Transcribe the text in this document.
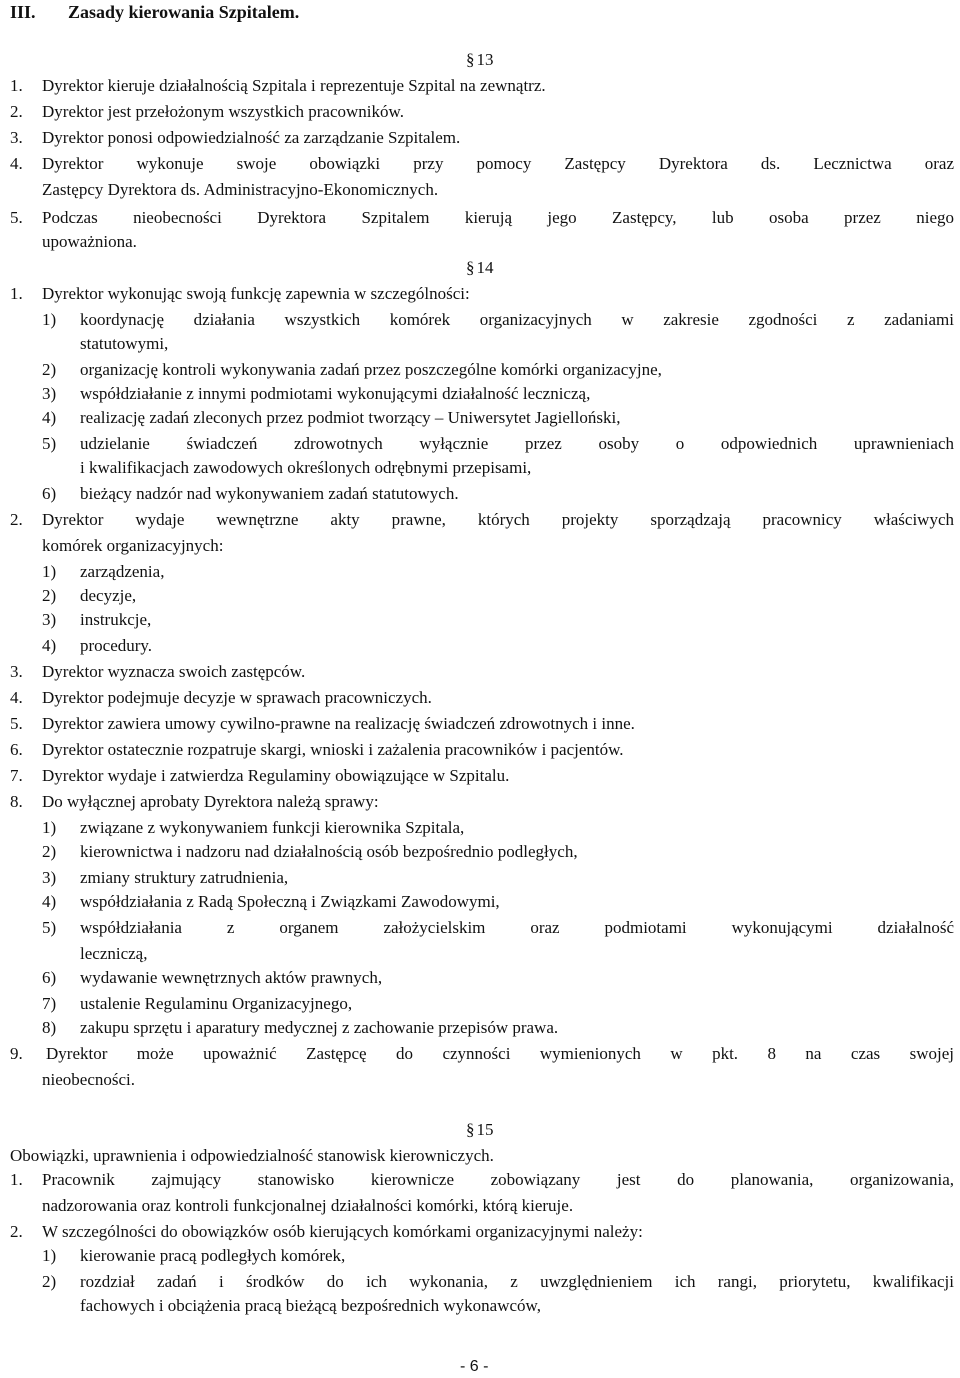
III. Zasady kierowania Szpitalem.
§ 13
1. Dyrektor kieruje działalnością Szpitala i reprezentuje Szpital na zewnątrz.
2. Dyrektor jest przełożonym wszystkich pracowników.
3. Dyrektor ponosi odpowiedzialność za zarządzanie Szpitalem.
4. Dyrektor wykonuje swoje obowiązki przy pomocy Zastępcy Dyrektora ds. Lecznictwa oraz
Zastępcy Dyrektora ds. Administracyjno-Ekonomicznych.
5. Podczas nieobecności Dyrektora Szpitalem kierują jego Zastępcy, lub osoba przez niego
upoważniona.
§ 14
1. Dyrektor wykonując swoją funkcję zapewnia w szczególności:
1) koordynację działania wszystkich komórek organizacyjnych w zakresie zgodności z zadaniami
statutowymi,
2) organizację kontroli wykonywania zadań przez poszczególne komórki organizacyjne,
3) współdziałanie z innymi podmiotami wykonującymi działalność leczniczą,
4) realizację zadań zleconych przez podmiot tworzący – Uniwersytet Jagielloński,
5) udzielanie świadczeń zdrowotnych wyłącznie przez osoby o odpowiednich uprawnieniach
i kwalifikacjach zawodowych określonych odrębnymi przepisami,
6) bieżący nadzór nad wykonywaniem zadań statutowych.
2. Dyrektor wydaje wewnętrzne akty prawne, których projekty sporządzają pracownicy właściwych
komórek organizacyjnych:
1) zarządzenia,
2) decyzje,
3) instrukcje,
4) procedury.
3. Dyrektor wyznacza swoich zastępców.
4. Dyrektor podejmuje decyzje w sprawach pracowniczych.
5. Dyrektor zawiera umowy cywilno-prawne na realizację świadczeń zdrowotnych i inne.
6. Dyrektor ostatecznie rozpatruje skargi, wnioski i zażalenia pracowników i pacjentów.
7. Dyrektor wydaje i zatwierdza Regulaminy obowiązujące w Szpitalu.
8. Do wyłącznej aprobaty Dyrektora należą sprawy:
1) związane z wykonywaniem funkcji kierownika Szpitala,
2) kierownictwa i nadzoru nad działalnością osób bezpośrednio podległych,
3) zmiany struktury zatrudnienia,
4) współdziałania z Radą Społeczną i Związkami Zawodowymi,
5) współdziałania z organem założycielskim oraz podmiotami wykonującymi działalność
leczniczą,
6) wydawanie wewnętrznych aktów prawnych,
7) ustalenie Regulaminu Organizacyjnego,
8) zakupu sprzętu i aparatury medycznej z zachowanie przepisów prawa.
9. Dyrektor może upoważnić Zastępcę do czynności wymienionych w pkt. 8 na czas swojej
nieobecności.
§ 15
Obowiązki, uprawnienia i odpowiedzialność stanowisk kierowniczych.
1. Pracownik zajmujący stanowisko kierownicze zobowiązany jest do planowania, organizowania,
nadzorowania oraz kontroli funkcjonalnej działalności komórki, którą kieruje.
2. W szczególności do obowiązków osób kierujących komórkami organizacyjnymi należy:
1) kierowanie pracą podległych komórek,
2) rozdział zadań i środków do ich wykonania, z uwzględnieniem ich rangi, priorytetu, kwalifikacji
fachowych i obciążenia pracą bieżącą bezpośrednich wykonawców,
- 6 -
